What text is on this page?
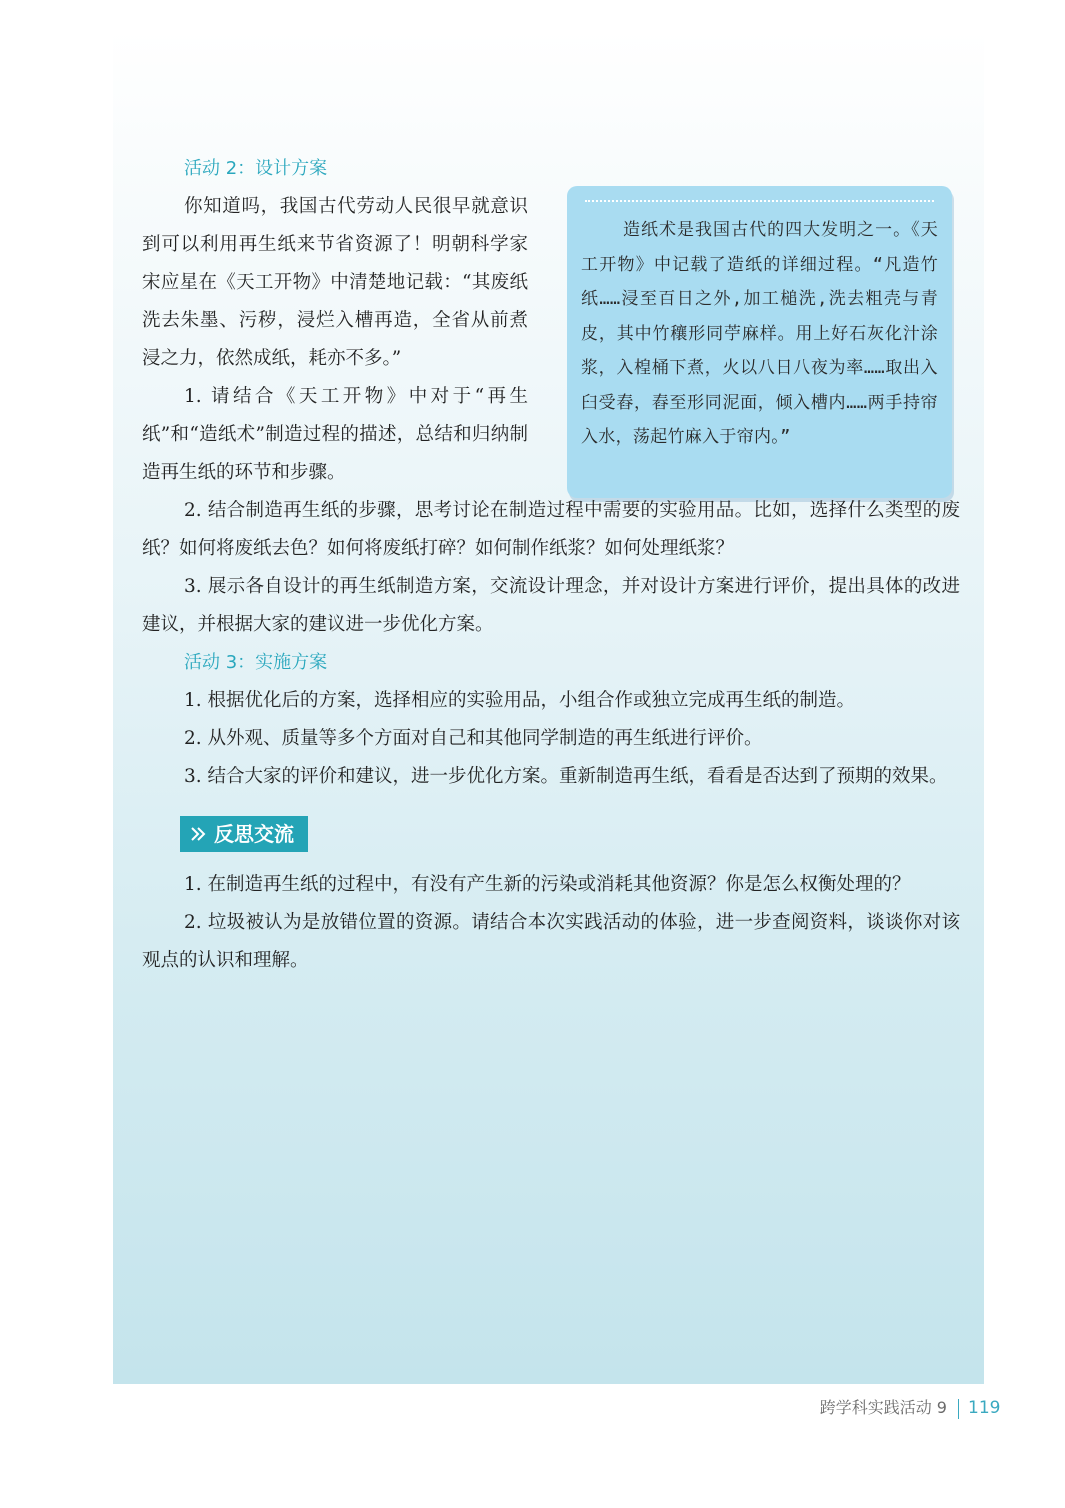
造纸术是我国古代的四大发明之一。《天工开物》中记载了造纸的详细过程。“凡造竹纸……浸至百日之外,加工槌洗,洗去粗壳与青皮，其中竹穰形同苧麻样。用上好石灰化汁涂浆，入楻桶下煮，火以八日八夜为率……取出入臼受舂，舂至形同泥面，倾入槽内……两手持帘入水，荡起竹麻入于帘内。”
活动 2：设计方案

你知道吗，我国古代劳动人民很早就意识到可以利用再生纸来节省资源了！明朝科学家宋应星在《天工开物》中清楚地记载：“其废纸洗去朱墨、污秽，浸烂入槽再造，全省从前煮浸之力，依然成纸，耗亦不多。”

1. 请结合《天工开物》中对于“再生纸”和“造纸术”制造过程的描述，总结和归纳制造再生纸的环节和步骤。

2. 结合制造再生纸的步骤，思考讨论在制造过程中需要的实验用品。比如，选择什么类型的废纸？如何将废纸去色？如何将废纸打碎？如何制作纸浆？如何处理纸浆？

3. 展示各自设计的再生纸制造方案，交流设计理念，并对设计方案进行评价，提出具体的改进建议，并根据大家的建议进一步优化方案。

活动 3：实施方案

1. 根据优化后的方案，选择相应的实验用品，小组合作或独立完成再生纸的制造。

2. 从外观、质量等多个方面对自己和其他同学制造的再生纸进行评价。

3. 结合大家的评价和建议，进一步优化方案。重新制造再生纸，看看是否达到了预期的效果。

反思交流

1. 在制造再生纸的过程中，有没有产生新的污染或消耗其他资源？你是怎么权衡处理的？

2. 垃圾被认为是放错位置的资源。请结合本次实践活动的体验，进一步查阅资料，谈谈你对该观点的认识和理解。

跨学科实践活动 9 119
